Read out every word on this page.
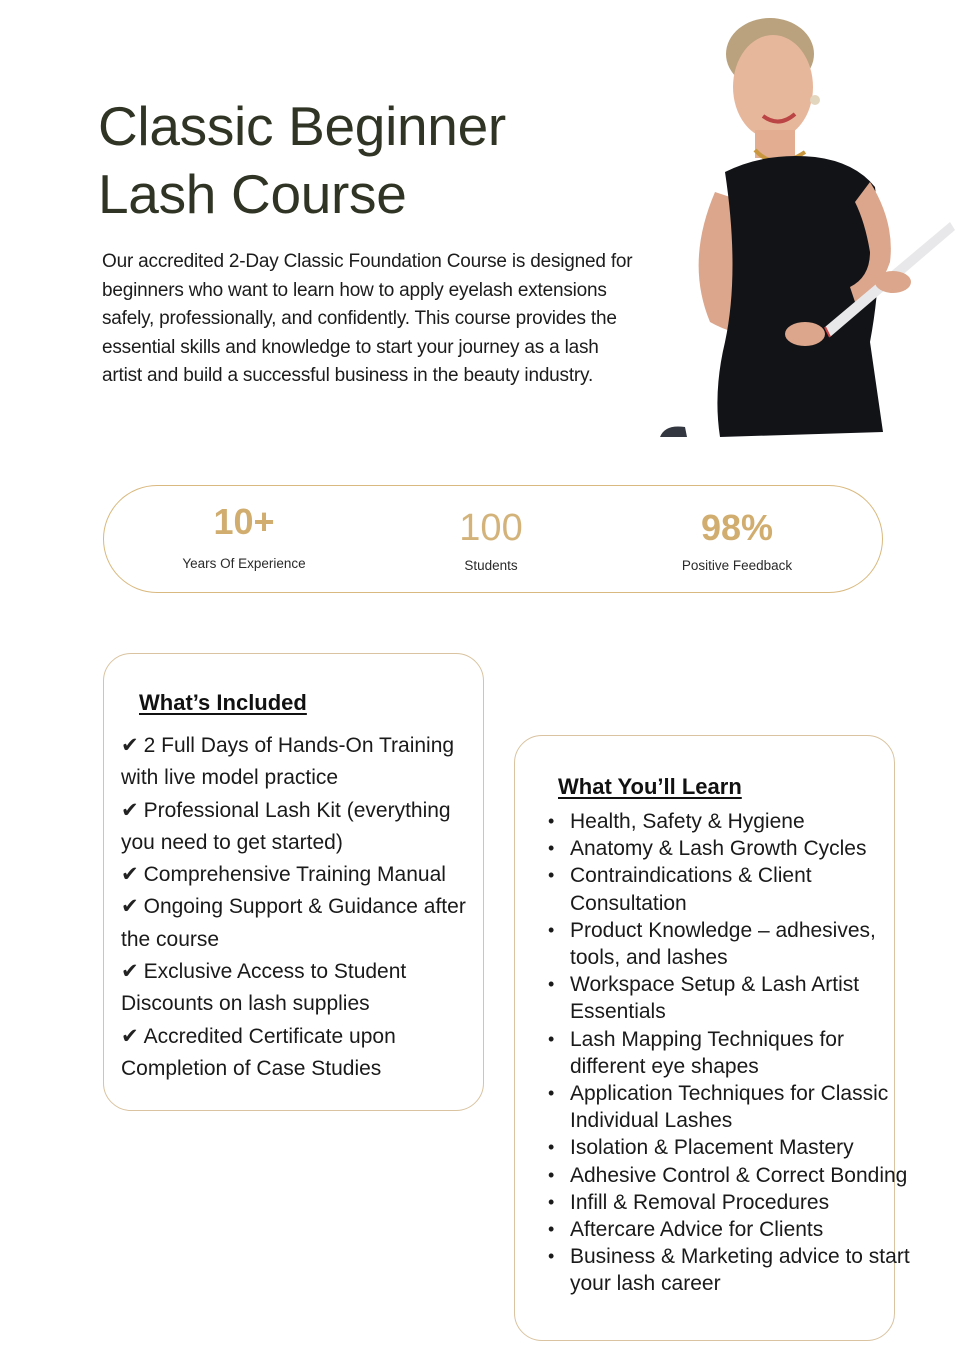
Classic Beginner
Lash Course

Our accredited 2-Day Classic Foundation Course is designed for beginners who want to learn how to apply eyelash extensions safely, professionally, and confidently. This course provides the essential skills and knowledge to start your journey as a lash artist and build a successful business in the beauty industry.

10+
Years Of Experience
100
Students
98%
Positive Feedback
What’s Included
✔ 2 Full Days of Hands-On Training with live model practice
✔ Professional Lash Kit (everything you need to get started)
✔ Comprehensive Training Manual
✔ Ongoing Support & Guidance after the course
✔ Exclusive Access to Student Discounts on lash supplies
✔ Accredited Certificate upon Completion of Case Studies
What You’ll Learn
• Health, Safety & Hygiene
• Anatomy & Lash Growth Cycles
• Contraindications & Client Consultation
• Product Knowledge – adhesives, tools, and lashes
• Workspace Setup & Lash Artist Essentials
• Lash Mapping Techniques for different eye shapes
• Application Techniques for Classic Individual Lashes
• Isolation & Placement Mastery
• Adhesive Control & Correct Bonding
• Infill & Removal Procedures
• Aftercare Advice for Clients
• Business & Marketing advice to start your lash career
